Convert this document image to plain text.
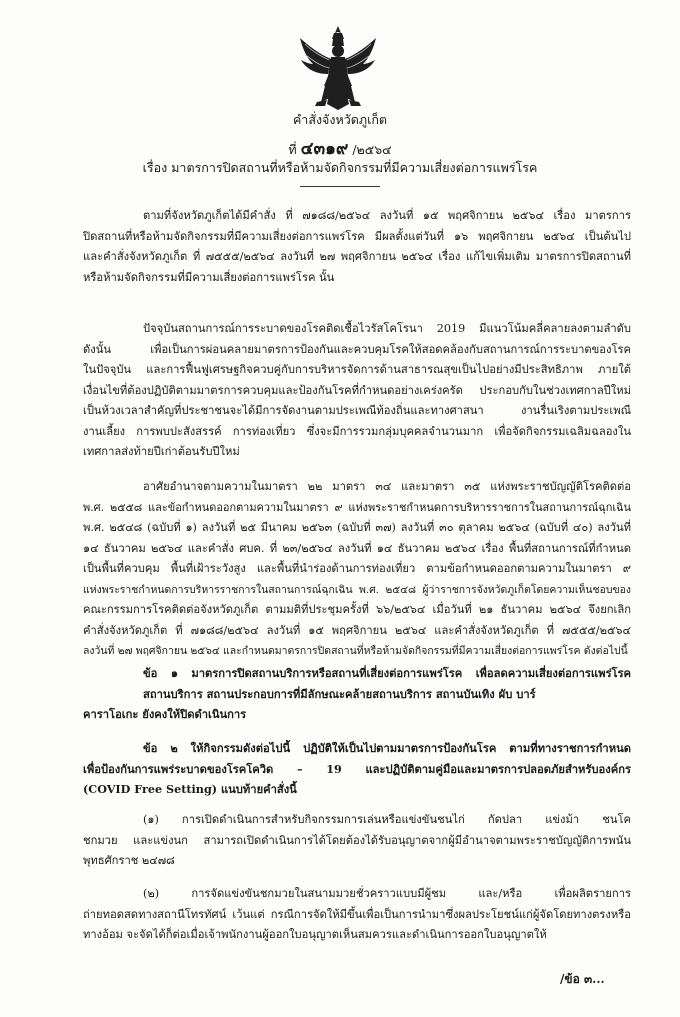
คำสั่งจังหวัดภูเก็ต
ที่ ๔๓๑๙ /๒๕๖๔
เรื่อง มาตรการปิดสถานที่หรือห้ามจัดกิจกรรมที่มีความเสี่ยงต่อการแพร่โรค
ตามที่จังหวัดภูเก็ตได้มีคำสั่ง ที่ ๗๑๘๘/๒๕๖๔ ลงวันที่ ๑๕ พฤศจิกายน ๒๕๖๔ เรื่อง มาตรการ
ปิดสถานที่หรือห้ามจัดกิจกรรมที่มีความเสี่ยงต่อการแพร่โรค มีผลตั้งแต่วันที่ ๑๖ พฤศจิกายน ๒๕๖๔ เป็นต้นไป
และคำสั่งจังหวัดภูเก็ต ที่ ๗๕๕๕/๒๕๖๔ ลงวันที่ ๒๗ พฤศจิกายน ๒๕๖๔ เรื่อง แก้ไขเพิ่มเติม มาตรการปิดสถานที่
หรือห้ามจัดกิจกรรมที่มีความเสี่ยงต่อการแพร่โรค นั้น
ปัจจุบันสถานการณ์การระบาดของโรคติดเชื้อไวรัสโคโรนา 2019 มีแนวโน้มคลี่คลายลงตามลำดับ
ดังนั้น เพื่อเป็นการผ่อนคลายมาตรการป้องกันและควบคุมโรคให้สอดคล้องกับสถานการณ์การระบาดของโรค
ในปัจจุบัน และการฟื้นฟูเศรษฐกิจควบคู่กับการบริหารจัดการด้านสาธารณสุขเป็นไปอย่างมีประสิทธิภาพ ภายใต้
เงื่อนไขที่ต้องปฏิบัติตามมาตรการควบคุมและป้องกันโรคที่กำหนดอย่างเคร่งครัด ประกอบกับในช่วงเทศกาลปีใหม่
เป็นห้วงเวลาสำคัญที่ประชาชนจะได้มีการจัดงานตามประเพณีท้องถิ่นและทางศาสนา งานรื่นเริงตามประเพณี
งานเลี้ยง การพบปะสังสรรค์ การท่องเที่ยว ซึ่งจะมีการรวมกลุ่มบุคคลจำนวนมาก เพื่อจัดกิจกรรมเฉลิมฉลองใน
เทศกาลส่งท้ายปีเก่าต้อนรับปีใหม่
อาศัยอำนาจตามความในมาตรา ๒๒ มาตรา ๓๔ และมาตรา ๓๕ แห่งพระราชบัญญัติโรคติดต่อ
พ.ศ. ๒๕๕๘ และข้อกำหนดออกตามความในมาตรา ๙ แห่งพระราชกำหนดการบริหารราชการในสถานการณ์ฉุกเฉิน
พ.ศ. ๒๕๔๘ (ฉบับที่ ๑) ลงวันที่ ๒๕ มีนาคม ๒๕๖๓ (ฉบับที่ ๓๗) ลงวันที่ ๓๐ ตุลาคม ๒๕๖๔ (ฉบับที่ ๔๐) ลงวันที่
๑๔ ธันวาคม ๒๕๖๔ และคำสั่ง ศบค. ที่ ๒๓/๒๕๖๔ ลงวันที่ ๑๔ ธันวาคม ๒๕๖๔ เรื่อง พื้นที่สถานการณ์ที่กำหนด
เป็นพื้นที่ควบคุม พื้นที่เฝ้าระวังสูง และพื้นที่นำร่องด้านการท่องเที่ยว ตามข้อกำหนดออกตามความในมาตรา ๙
แห่งพระราชกำหนดการบริหารราชการในสถานการณ์ฉุกเฉิน พ.ศ. ๒๕๔๘ ผู้ว่าราชการจังหวัดภูเก็ตโดยความเห็นชอบของ
คณะกรรมการโรคติดต่อจังหวัดภูเก็ต ตามมติที่ประชุมครั้งที่ ๖๖/๒๕๖๔ เมื่อวันที่ ๒๑ ธันวาคม ๒๕๖๔ จึงยกเลิก
คำสั่งจังหวัดภูเก็ต ที่ ๗๑๘๘/๒๕๖๔ ลงวันที่ ๑๕ พฤศจิกายน ๒๕๖๔ และคำสั่งจังหวัดภูเก็ต ที่ ๗๕๕๕/๒๕๖๔
ลงวันที่ ๒๗ พฤศจิกายน ๒๕๖๔ และกำหนดมาตรการปิดสถานที่หรือห้ามจัดกิจกรรมที่มีความเสี่ยงต่อการแพร่โรค ดังต่อไปนี้
ข้อ ๑ มาตรการปิดสถานบริการหรือสถานที่เสี่ยงต่อการแพร่โรค เพื่อลดความเสี่ยงต่อการแพร่โรค
สถานบริการ สถานประกอบการที่มีลักษณะคล้ายสถานบริการ สถานบันเทิง ผับ บาร์
คาราโอเกะ ยังคงให้ปิดดำเนินการ
ข้อ ๒ ให้กิจกรรมดังต่อไปนี้ ปฏิบัติให้เป็นไปตามมาตรการป้องกันโรค ตามที่ทางราชการกำหนด
เพื่อป้องกันการแพร่ระบาดของโรคโควิด – 19 และปฏิบัติตามคู่มือและมาตรการปลอดภัยสำหรับองค์กร
(COVID Free Setting) แนบท้ายคำสั่งนี้
(๑) การเปิดดำเนินการสำหรับกิจกรรมการเล่นหรือแข่งขันชนไก่ กัดปลา แข่งม้า ชนโค
ชกมวย และแข่งนก สามารถเปิดดำเนินการได้โดยต้องได้รับอนุญาตจากผู้มีอำนาจตามพระราชบัญญัติการพนัน
พุทธศักราช ๒๔๗๘
(๒) การจัดแข่งขันชกมวยในสนามมวยชั่วคราวแบบมีผู้ชม และ/หรือ เพื่อผลิตรายการ
ถ่ายทอดสดทางสถานีโทรทัศน์ เว้นแต่ กรณีการจัดให้มีขึ้นเพื่อเป็นการนำมาซึ่งผลประโยชน์แก่ผู้จัดโดยทางตรงหรือ
ทางอ้อม จะจัดได้ก็ต่อเมื่อเจ้าพนักงานผู้ออกใบอนุญาตเห็นสมควรและดำเนินการออกใบอนุญาตให้
/ข้อ ๓...
